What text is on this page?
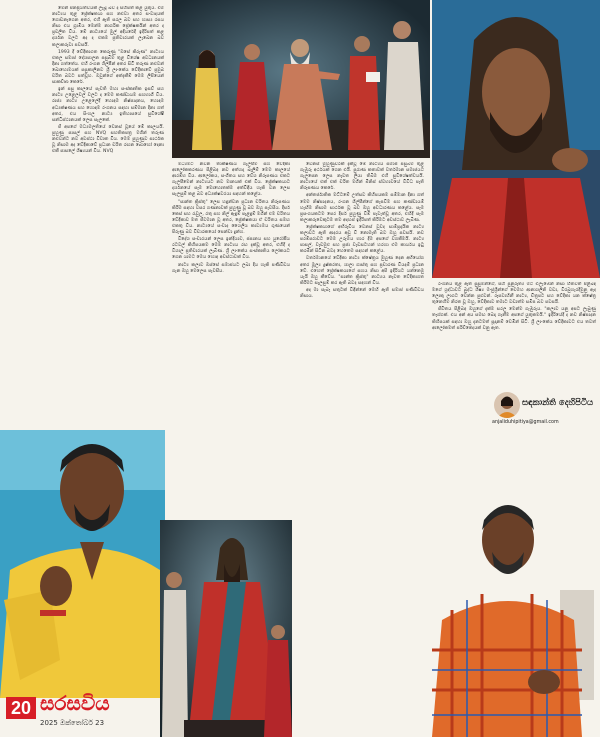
මෙන් ජනප්‍රියත්වයක් ලැබූ බව ද සිහිපත් කළ යුතුය. එම නාට්‍යය තුළ ප්‍රේක්ෂකයා සහ නළුවා අතර සංවාදයක් ගොඩනැගෙන අතර, එහි ඇති සරල බව සහ හාස්‍ය රසය නිසා එය ග්‍රාමීය මෙන්ම නාගරික ප්‍රේක්ෂකයින් අතර ද ප්‍රචලිත විය. මේ නාට්‍යයේ මුල් අදියරේදී ඉදිරිපත් කළ දර්ශන වලට අද ද එකම ප්‍රතිචාරයක් ලැබෙන බව කලාකරුවා පවසයි.

1993 දී වේදිකාගත කෙරුණු "ඔසේ කිරුණ" නාට්‍යය එකල සමාජ දේශපාලන පසුබිම තුළ විශේෂ අවධානයක් දිනා ගත්තේය. එහි රංගන ශිල්පීන් අතර සිටි තරුණ නළුවන් බොහොමයක් පසුකාලීනව ශ්‍රී ලාංකේය වේදිකාවේ ප්‍රමුඛ චරිත බවට පත්වූහ. ඔවුන්ගේ අත්දැකීම් මෙම ලිපියෙන් සාකච්ඡා කෙරේ.

ඉන් පසු කාලයේ පැවති මහා සංස්කෘතික ඉසව් සහ නාට්‍ය උළෙලවල් වලට ද මෙම කණ්ඩායම සහභාගී විය. රාජ්‍ය නාට්‍ය උළෙලේදී හොඳම නිෂ්පාදනය, හොඳම අධ්‍යක්ෂණය සහ හොඳම රංගනය සඳහා සම්මාන දිනා ගත් අතර, එය සිංහල නාට්‍ය ඉතිහාසයේ සුවිශේෂී සන්ධිස්ථානයක් ලෙස සැලකේ.

ජී අපගේ මධ්‍යමලතියේ වෙනස් වූයේ මේ කාලයයි. පුහුණු පාසල් සහ NVQ සහතිකපත්‍ර මගින් තරුණ නළුවන්ට නව අවස්ථා විවෘත විය. මෙම පුහුණුව සාර්ථක වූ නිසාම අද වේදිකාවේ ප්‍රධාන චරිත රඟන බොහෝ දෙනා එකී පාසලේ ශිෂ්‍යයන් විය. NVQ

මධ්‍යමට නවීන තාක්ෂණය ගැලපීම සහ වේදිකා ආලෝකකරණය පිළිබඳ නව අත්හදා බැලීම් මෙම කාලයේ ආරම්භ විය. ආලෝකය, සංගීතය සහ වේශ නිරූපණය එකට ගැලපීමෙන් නාට්‍යයට නව මානයක් එක් විය. ප්‍රේක්ෂකයාට දර්ශනයේ සෑම මොහොතක්ම අත්විඳිය හැකි වන ලෙස සැලසුම් කළ බව අධ්‍යක්ෂවරයා සඳහන් කළේය.

"සාන්ත ක්‍රිස්තු" ලෙස හඳුන්වන ප්‍රධාන චරිතය නිරූපණය කිරීම සඳහා වසර ගණනාවක් පුහුණු වූ බව ඔහු පැවසීය. දීර්ඝ කෙස් සහ රැවුල, රතු සහ නිල් ඇඳුම් පැළඳුම් මගින් එම චරිතය වේදිකාව මත ජීවමාන වූ අතර, ප්‍රේක්ෂකයා ඒ චරිතය සමඟ එකතු විය. නාට්‍යයේ සංවාද ශෛලිය කාව්‍යමය ගුණයෙන් පිරුණු බව විචාරකයෝ පෙන්වා දුන්හ.

විදේශ සංචාරයන් ලෙස ඉන්දියාව, ජපානය සහ යුරෝපීය රටවල් කිහිපයකම මෙම නාට්‍යය රඟ දැක්වූ අතර, එහිදී ද විශාල ප්‍රතිචාරයක් ලැබිණ. ශ්‍රී ලාංකේය සංස්කෘතිය ලෝකයට ගෙන යාමට මෙය හොඳ අවස්ථාවක් විය.

නාට්‍ය කලාව ඔස්සේ සමාජයට ලබා දිය හැකි පණිවිඩය ගැන ඔහු මෙලෙස පැවසීය.

වෙනස් මුහුණුවරක් දැක්වූ මේ නාට්‍යය සමාජ පසුබිම තුළ ගැඹුරු අර්ථයක් ගෙන එයි. පුරාණ කතාවක් වර්තමාන සමාජයට ගැලපෙන ලෙස නැවත ලියා තිබීම එහි සුවිශේෂත්වයයි. නාට්‍යයේ එක් එක් චරිත මගින් මිනිස් ස්වභාවයේ විවිධ පැති නිරූපණය කෙරේ.

අන්තර්ජාතික මට්ටමේ උත්සව කිහිපයකම සම්මාන දිනා ගත් මෙම නිෂ්පාදනය, රංගන ශිල්පීන්ගේ කැපවීම සහ කණ්ඩායම් හැඟීම නිසාම සාර්ථක වූ බව ඔහු අවධාරණය කළේය. සෑම ප්‍රසංගයකටම පෙර දීර්ඝ පුහුණු වීම් පැවැත්වූ අතර, එහිදී සෑම කලාකරුවෙකුටම තම අදහස් ඉදිරිපත් කිරීමට අවස්ථාව ලැබිණ.

ප්‍රේක්ෂකයාගේ අභිරුචිය වෙනස් වුවද සාම්ප්‍රදායික නාට්‍ය කලාවට ඇති ආදරය අඩු වී නොමැති බව ඔහු පවසයි. නව පරම්පරාවට මෙම උරුමය භාර දීම අපගේ වගකීමයි. නාට්‍ය පාසල්, වැඩමුළු සහ ප්‍රජා වැඩසටහන් හරහා එම කාර්යය ඉටු කරමින් සිටින බවද හෙතෙම සඳහන් කළේය.

වර්තමානයේ වේදිකා නාට්‍ය ක්ෂේත්‍රය මුහුණ දෙන අභියෝග අතර මූල්‍ය දුෂ්කරතා, ශාලා ගාස්තු සහ ප්‍රචාරණ වියදම් ප්‍රධාන වේ. එහෙත් ප්‍රේක්ෂකයාගේ සහය නිසා අපි ඉදිරියට යන්නෙමු යැයි ඔහු කීවේය. "සාන්ත ක්‍රිස්තු" නාට්‍යය නැවත වේදිකාගත කිරීමට සැලසුම් කර ඇති බවද සඳහන් විය.

අද මා සැබෑ සතුටක් විඳින්නේ මෙහි ඇති සමාජ පණිවිඩය නිසාය.

රංගනය තුළ ඇති සුසුමන්ගේ, සිහි පුනුරුත්‍ය මට එලැඹෙන් නිසා හිතවත් පිළිබඳ මගේ ශ්‍රද්ධාවට බුද්ධ ශිෂ්‍ය මංජුශ්‍රීන්ගේ චෙමහ ආනාශලිනි වඩා, වීරබුහැරදීමුනු ඇද ලොකු ලාගට වෙන්න පුළුවන්. රූපවාහිනී නාට්‍ය, චිත්‍රපට සහ වේදිකා යන ක්ෂේත්‍ර තුනෙහිම නිරත වූ ඔහු, වේදිකාව තමාට වඩාත්ම සමීප බව පවසයි.

ජීවිතය පිළිබඳ ඔහුගේ දැක්ම සරල මෙන්ම ගැඹුරුය. "කලාව යනු අපට ලැබුණු තෑග්ගක්. එය අන් අය සමඟ බෙදා ගැනීම අපගේ යුතුකමයි." ඉදිරියේදී ද නව නිෂ්පාදන කිහිපයක් සඳහා ඔහු දැනටමත් සූදානම් වෙමින් සිටී. ශ්‍රී ලාංකේය වේදිකාවට එය තවත් ආලෝකමත් පරිච්ඡේදයක් වනු ඇත.

සඳකාන්ති දෙහිපිටිය
anjaliduhipitiya@gmail.com
20 සරසවිය
2025 ඔක්තෝබර් 23
